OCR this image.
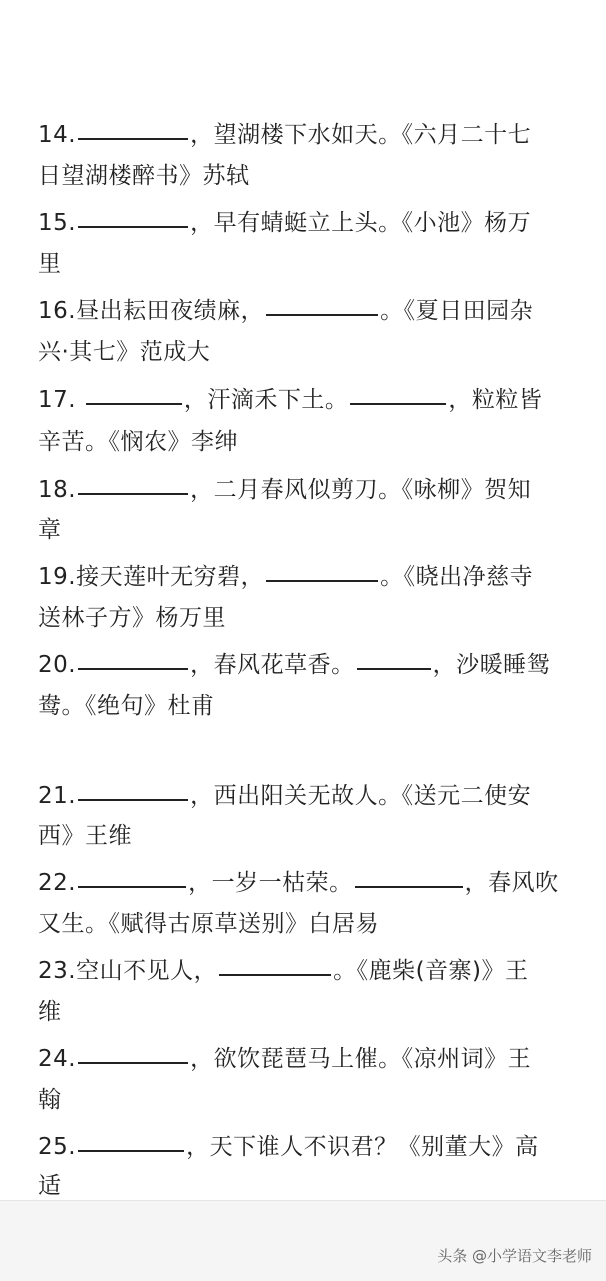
14.	，望湖楼下水如天。《六月二十七
日望湖楼醉书》苏轼
15.	，早有蜻蜓立上头。《小池》杨万
里
16.昼出耘田夜绩麻，	。《夏日田园杂
兴·其七》范成大
17.	，汗滴禾下土。	，粒粒皆
辛苦。《悯农》李绅
18.	，二月春风似剪刀。《咏柳》贺知
章
19.接天莲叶无穷碧，	。《晓出净慈寺
送林子方》杨万里
20.	，春风花草香。	，沙暖睡鸳
鸯。《绝句》杜甫
21.	，西出阳关无故人。《送元二使安
西》王维
22.	，一岁一枯荣。	，春风吹
又生。《赋得古原草送别》白居易
23.空山不见人，	。《鹿柴(音寨)》王
维
24.	，欲饮琵琶马上催。《凉州词》王
翰
25.	，天下谁人不识君？《别董大》高
适
头条 @小学语文李老师
